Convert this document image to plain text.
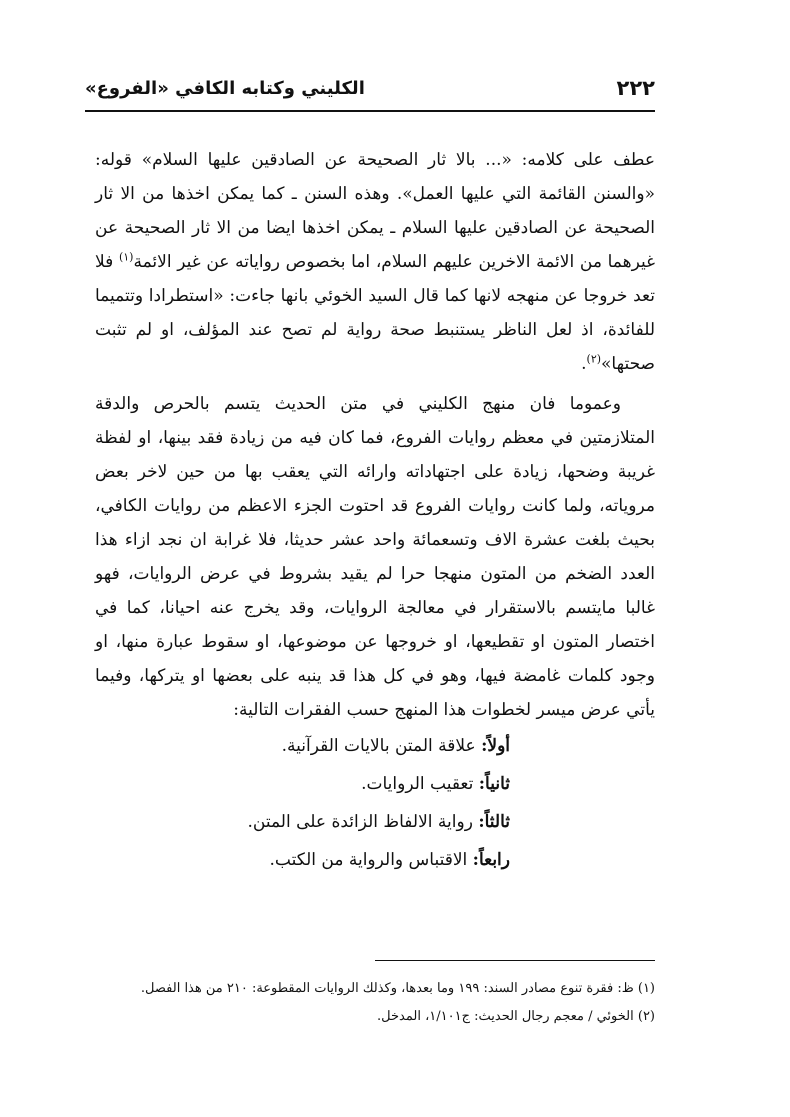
٢٢٢
الكليني وكتابه الكافي «الفروع»

عطف على كلامه: «... بالا ثار الصحيحة عن الصادقين عليها السلام» قوله: «والسنن القائمة التي عليها العمل». وهذه السنن ـ كما يمكن اخذها من الا ثار الصحيحة عن الصادقين عليها السلام ـ يمكن اخذها ايضا من الا ثار الصحيحة عن غيرهما من الائمة الاخرين عليهم السلام، اما بخصوص رواياته عن غير الائمة$^{(١)}$ فلا تعد خروجا عن منهجه لانها كما قال السيد الخوئي بانها جاءت: «استطرادا وتتميما للفائدة، اذ لعل الناظر يستنبط صحة رواية لم تصح عند المؤلف، او لم تثبت صحتها»$^{(٢)}$.

وعموما فان منهج الكليني في متن الحديث يتسم بالحرص والدقة المتلازمتين في معظم روايات الفروع، فما كان فيه من زيادة فقد بينها، او لفظة غريبة وضحها، زيادة على اجتهاداته وارائه التي يعقب بها من حين لاخر بعض مروياته، ولما كانت روايات الفروع قد احتوت الجزء الاعظم من روايات الكافي، بحيث بلغت عشرة الاف وتسعمائة واحد عشر حديثا، فلا غرابة ان نجد ازاء هذا العدد الضخم من المتون منهجا حرا لم يقيد بشروط في عرض الروايات، فهو غالبا مايتسم بالاستقرار في معالجة الروايات، وقد يخرج عنه احيانا، كما في اختصار المتون او تقطيعها، او خروجها عن موضوعها، او سقوط عبارة منها، او وجود كلمات غامضة فيها، وهو في كل هذا قد ينبه على بعضها او يتركها، وفيما يأتي عرض ميسر لخطوات هذا المنهج حسب الفقرات التالية:

أولاً: علاقة المتن بالايات القرآنية.
ثانياً: تعقيب الروايات.
ثالثاً: رواية الالفاظ الزائدة على المتن.
رابعاً: الاقتباس والرواية من الكتب.

(١) ظ: فقرة تنوع مصادر السند: ١٩٩ وما بعدها، وكذلك الروايات المقطوعة: ٢١٠ من هذا الفصل.

(٢) الخوئي / معجم رجال الحديث: ج١/١٠١، المدخل.
